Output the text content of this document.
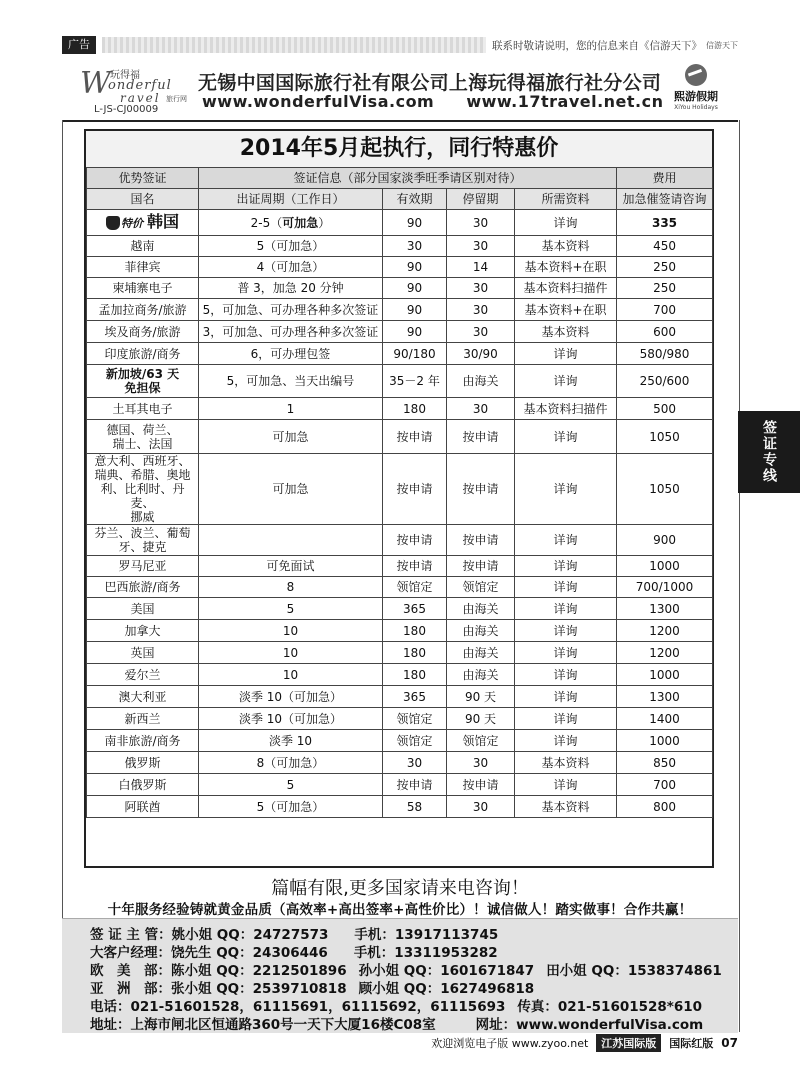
广告	联系时敬请说明，您的信息来自《信游天下》 信游天下
W 玩得福
onderful
ravel 旅行网
L-JS-CJ00009
无锡中国国际旅行社有限公司上海玩得福旅行社分公司
www.wonderfulVisa.com www.17travel.net.cn 熙游假期
XiYou Holidays
2014年5月起执行，同行特惠价
优势签证	签证信息（部分国家淡季旺季请区别对待）				费用
国名	出证周期（工作日）	有效期	停留期	所需资料	加急催签请咨询
特价 韩国	2-5（可加急）	90	30	详询	335
越南	5（可加急）	30	30	基本资料	450
菲律宾	4（可加急）	90	14	基本资料+在职	250
柬埔寨电子	普 3，加急 20 分钟	90	30	基本资料扫描件	250
孟加拉商务/旅游	5，可加急、可办理各种多次签证	90	30	基本资料+在职	700
埃及商务/旅游	3，可加急、可办理各种多次签证	90	30	基本资料	600
印度旅游/商务	6，可办理包签	90/180	30/90	详询	580/980
新加坡/63 天
免担保	5，可加急、当天出编号	35－2 年	由海关	详询	250/600
土耳其电子	1	180	30	基本资料扫描件	500
德国、荷兰、
瑞士、法国	可加急	按申请	按申请	详询	1050
意大利、西班牙、
瑞典、希腊、奥地
利、比利时、丹麦、
挪威	可加急	按申请	按申请	详询	1050
芬兰、波兰、葡萄
牙、捷克		按申请	按申请	详询	900
罗马尼亚	可免面试	按申请	按申请	详询	1000
巴西旅游/商务	8	领馆定	领馆定	详询	700/1000
美国	5	365	由海关	详询	1300
加拿大	10	180	由海关	详询	1200
英国	10	180	由海关	详询	1200
爱尔兰	10	180	由海关	详询	1000
澳大利亚	淡季 10（可加急）	365	90 天	详询	1300
新西兰	淡季 10（可加急）	领馆定	90 天	详询	1400
南非旅游/商务	淡季 10	领馆定	领馆定	详询	1000
俄罗斯	8（可加急）	30	30	基本资料	850
白俄罗斯	5	按申请	按申请	详询	700
阿联酋	5（可加急）	58	30	基本资料	800
签证专线
篇幅有限,更多国家请来电咨询！
十年服务经验铸就黄金品质（高效率+高出签率+高性价比）！诚信做人！踏实做事！合作共赢！
签 证 主 管：姚小姐 QQ：24727573 手机：13917113745
大客户经理：饶先生 QQ：24306446 手机：13311953282
欧　美　部：陈小姐 QQ：2212501896 孙小姐 QQ：1601671847 田小姐 QQ：1538374861
亚　洲　部：张小姐 QQ：2539710818 顾小姐 QQ：1627496818
电话：021-51601528，61115691，61115692，61115693 传真：021-51601528*610
地址：上海市闸北区恒通路360号一天下大厦16楼C08室	网址：www.wonderfulVisa.com
欢迎浏览电子版 www.zyoo.net	江苏国际版	国际红版 07
